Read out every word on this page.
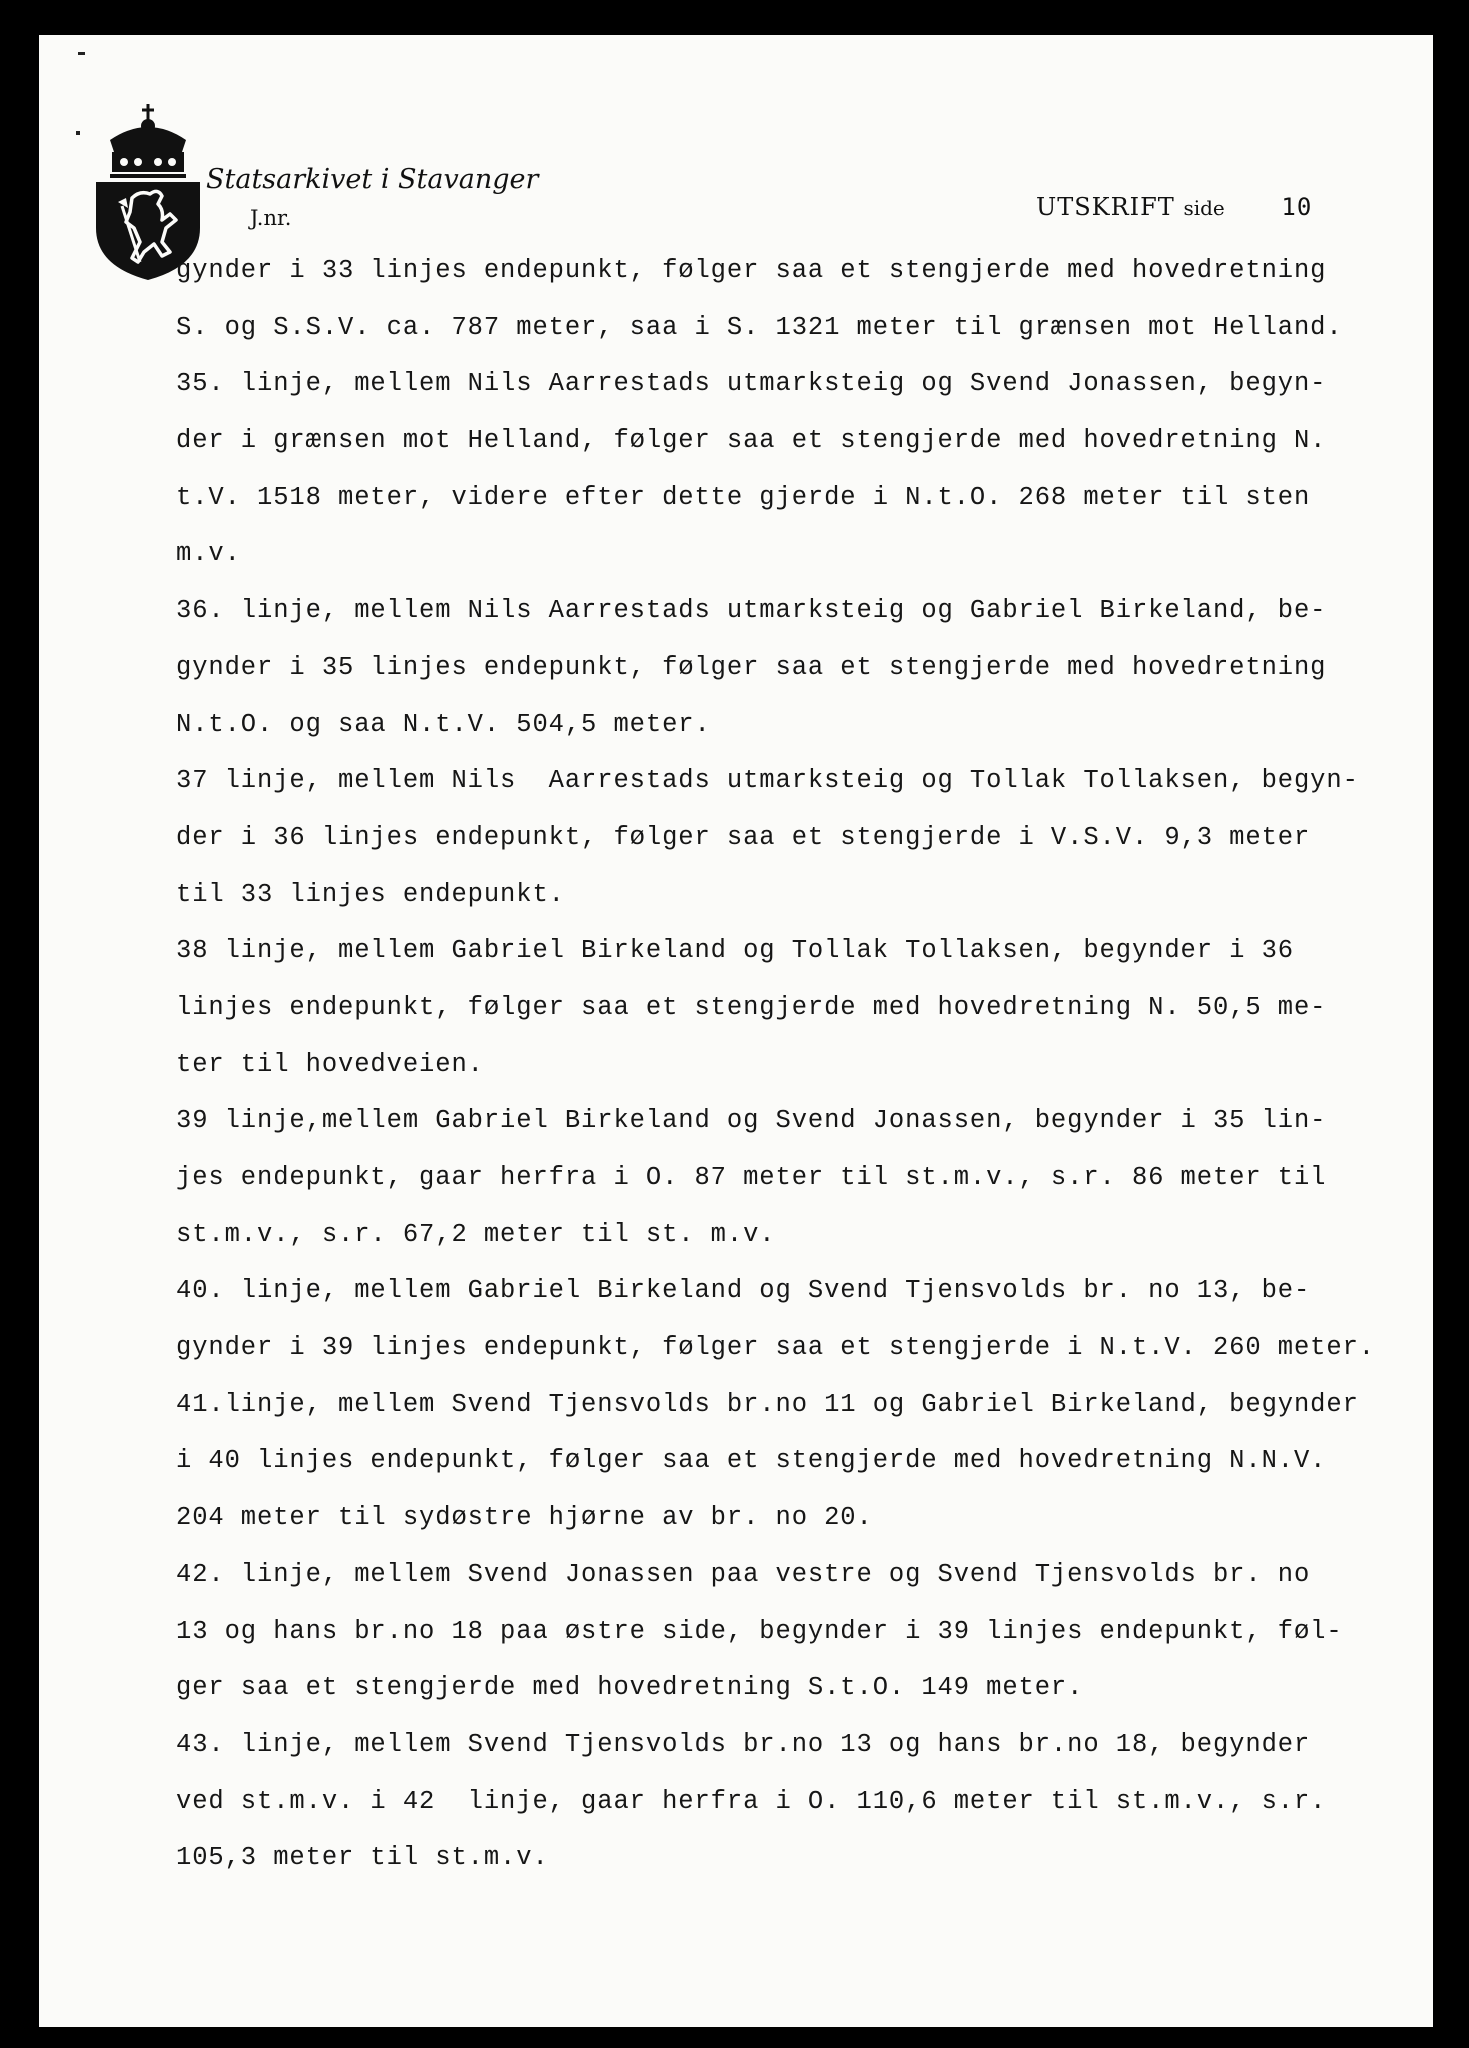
Statsarkivet i Stavanger
J.nr.	UTSKRIFT side 10
gynder i 33 linjes endepunkt, følger saa et stengjerde med hovedretning
S. og S.S.V. ca. 787 meter, saa i S. 1321 meter til grænsen mot Helland.
35. linje, mellem Nils Aarrestads utmarksteig og Svend Jonassen, begyn-
der i grænsen mot Helland, følger saa et stengjerde med hovedretning N.
t.V. 1518 meter, videre efter dette gjerde i N.t.O. 268 meter til sten
m.v.
36. linje, mellem Nils Aarrestads utmarksteig og Gabriel Birkeland, be-
gynder i 35 linjes endepunkt, følger saa et stengjerde med hovedretning
N.t.O. og saa N.t.V. 504,5 meter.
37 linje, mellem Nils  Aarrestads utmarksteig og Tollak Tollaksen, begyn-
der i 36 linjes endepunkt, følger saa et stengjerde i V.S.V. 9,3 meter
til 33 linjes endepunkt.
38 linje, mellem Gabriel Birkeland og Tollak Tollaksen, begynder i 36
linjes endepunkt, følger saa et stengjerde med hovedretning N. 50,5 me-
ter til hovedveien.
39 linje,mellem Gabriel Birkeland og Svend Jonassen, begynder i 35 lin-
jes endepunkt, gaar herfra i O. 87 meter til st.m.v., s.r. 86 meter til
st.m.v., s.r. 67,2 meter til st. m.v.
40. linje, mellem Gabriel Birkeland og Svend Tjensvolds br. no 13, be-
gynder i 39 linjes endepunkt, følger saa et stengjerde i N.t.V. 260 meter.
41.linje, mellem Svend Tjensvolds br.no 11 og Gabriel Birkeland, begynder
i 40 linjes endepunkt, følger saa et stengjerde med hovedretning N.N.V.
204 meter til sydøstre hjørne av br. no 20.
42. linje, mellem Svend Jonassen paa vestre og Svend Tjensvolds br. no
13 og hans br.no 18 paa østre side, begynder i 39 linjes endepunkt, føl-
ger saa et stengjerde med hovedretning S.t.O. 149 meter.
43. linje, mellem Svend Tjensvolds br.no 13 og hans br.no 18, begynder
ved st.m.v. i 42  linje, gaar herfra i O. 110,6 meter til st.m.v., s.r.
105,3 meter til st.m.v.
